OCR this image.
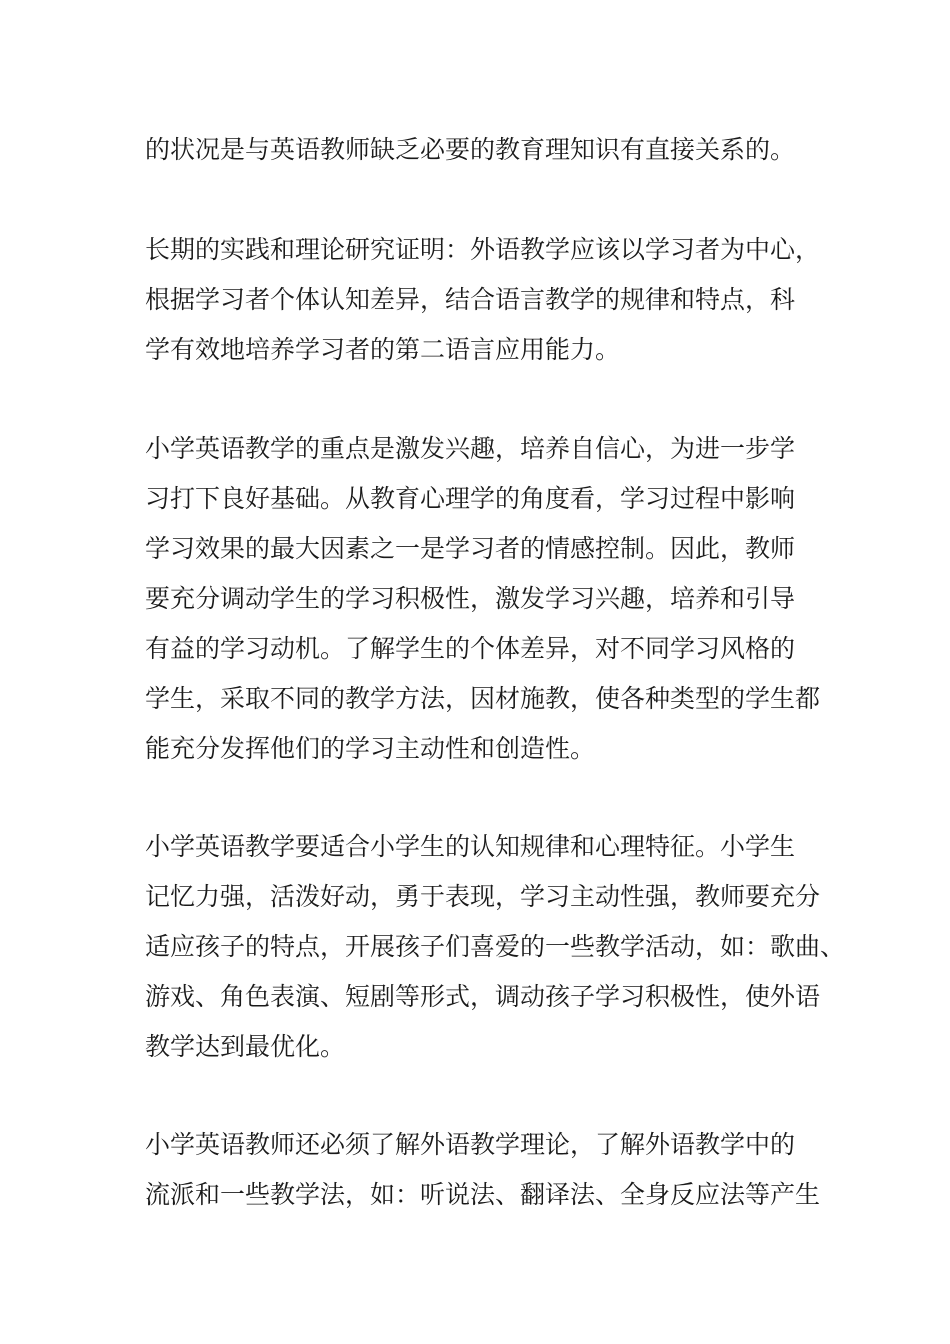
的状况是与英语教师缺乏必要的教育理知识有直接关系的。

长期的实践和理论研究证明：外语教学应该以学习者为中心，
根据学习者个体认知差异，结合语言教学的规律和特点，科
学有效地培养学习者的第二语言应用能力。

小学英语教学的重点是激发兴趣，培养自信心，为进一步学
习打下良好基础。从教育心理学的角度看，学习过程中影响
学习效果的最大因素之一是学习者的情感控制。因此，教师
要充分调动学生的学习积极性，激发学习兴趣，培养和引导
有益的学习动机。了解学生的个体差异，对不同学习风格的
学生，采取不同的教学方法，因材施教，使各种类型的学生都
能充分发挥他们的学习主动性和创造性。

小学英语教学要适合小学生的认知规律和心理特征。小学生
记忆力强，活泼好动，勇于表现，学习主动性强，教师要充分
适应孩子的特点，开展孩子们喜爱的一些教学活动，如：歌曲、
游戏、角色表演、短剧等形式，调动孩子学习积极性，使外语
教学达到最优化。

小学英语教师还必须了解外语教学理论，了解外语教学中的
流派和一些教学法，如：听说法、翻译法、全身反应法等产生
